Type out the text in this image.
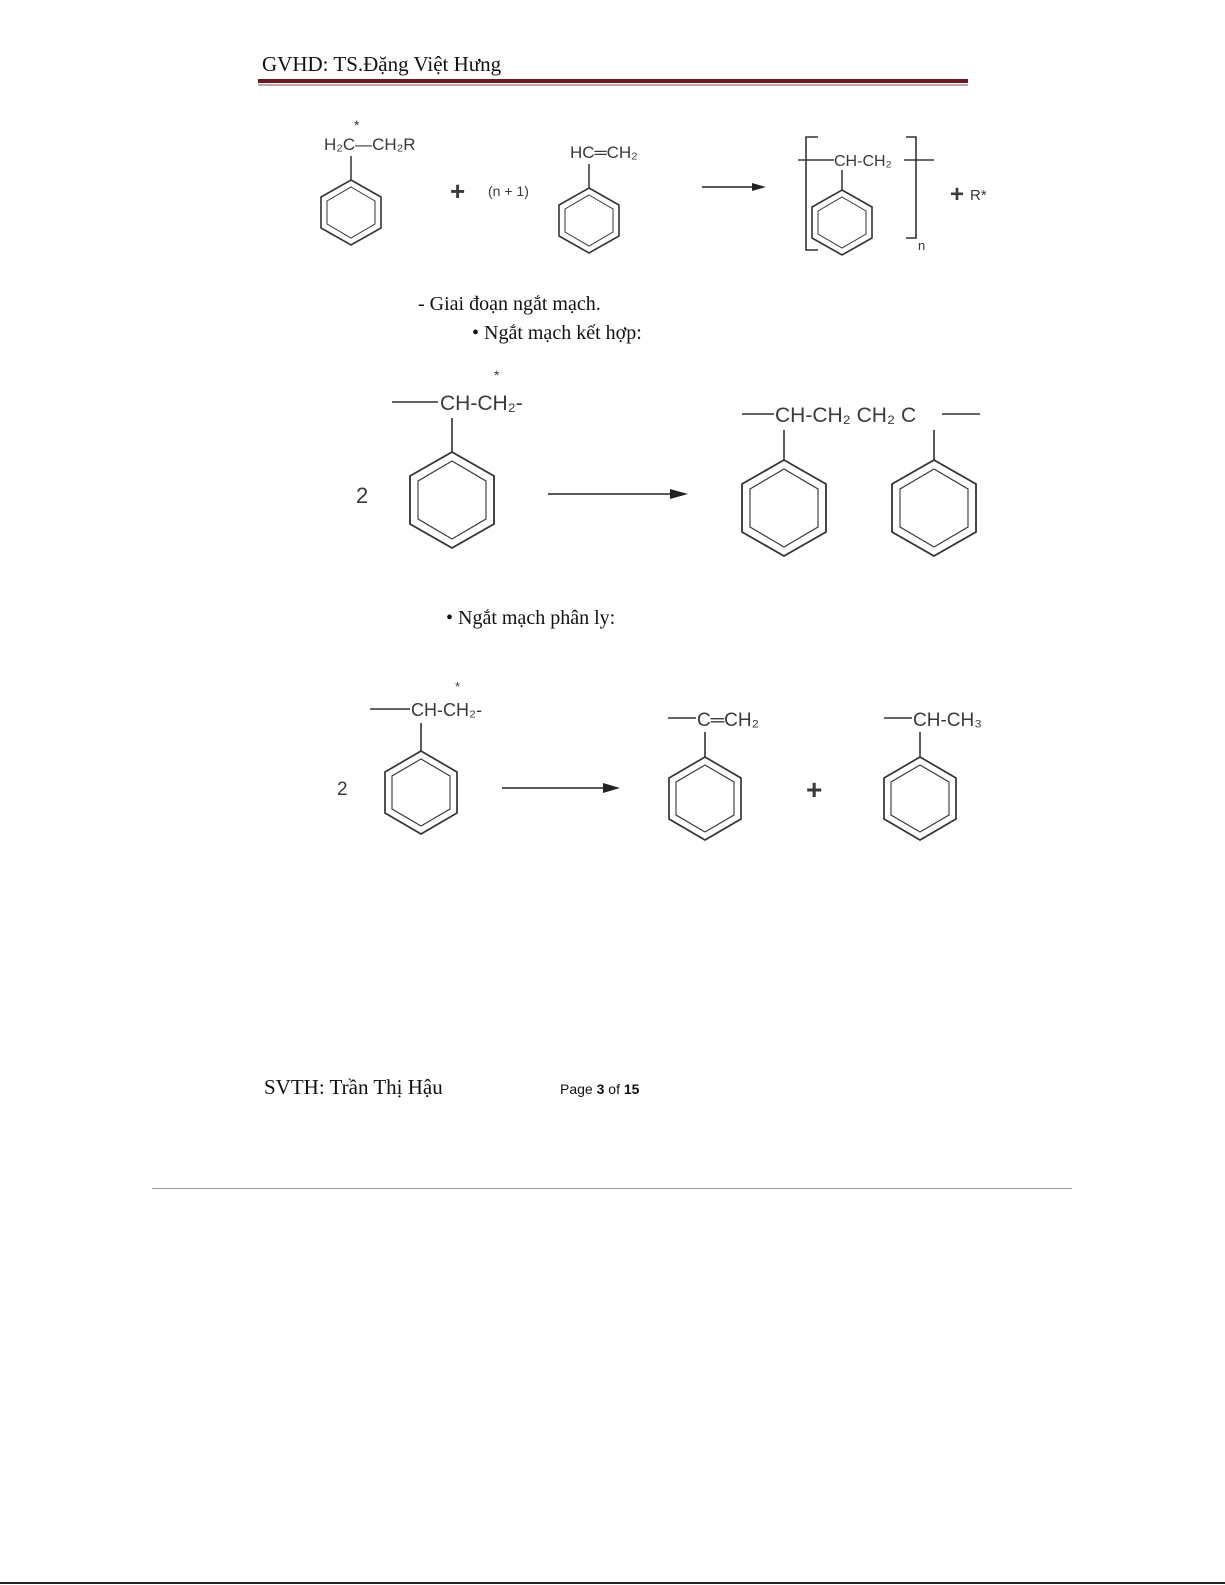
GVHD: TS.Đặng Việt Hưng
*
H₂C—CH₂R
+ (n + 1)
HC═CH₂	CH-CH₂
n
+ R*
- Giai đoạn ngắt mạch.
• Ngắt mạch kết hợp:
*
CH-CH₂-
2
CH-CH₂ CH₂ C
• Ngắt mạch phân ly:
*
CH-CH₂-
2
C═CH₂
+
CH-CH₃
SVTH: Trần Thị Hậu	Page 3 of 15
